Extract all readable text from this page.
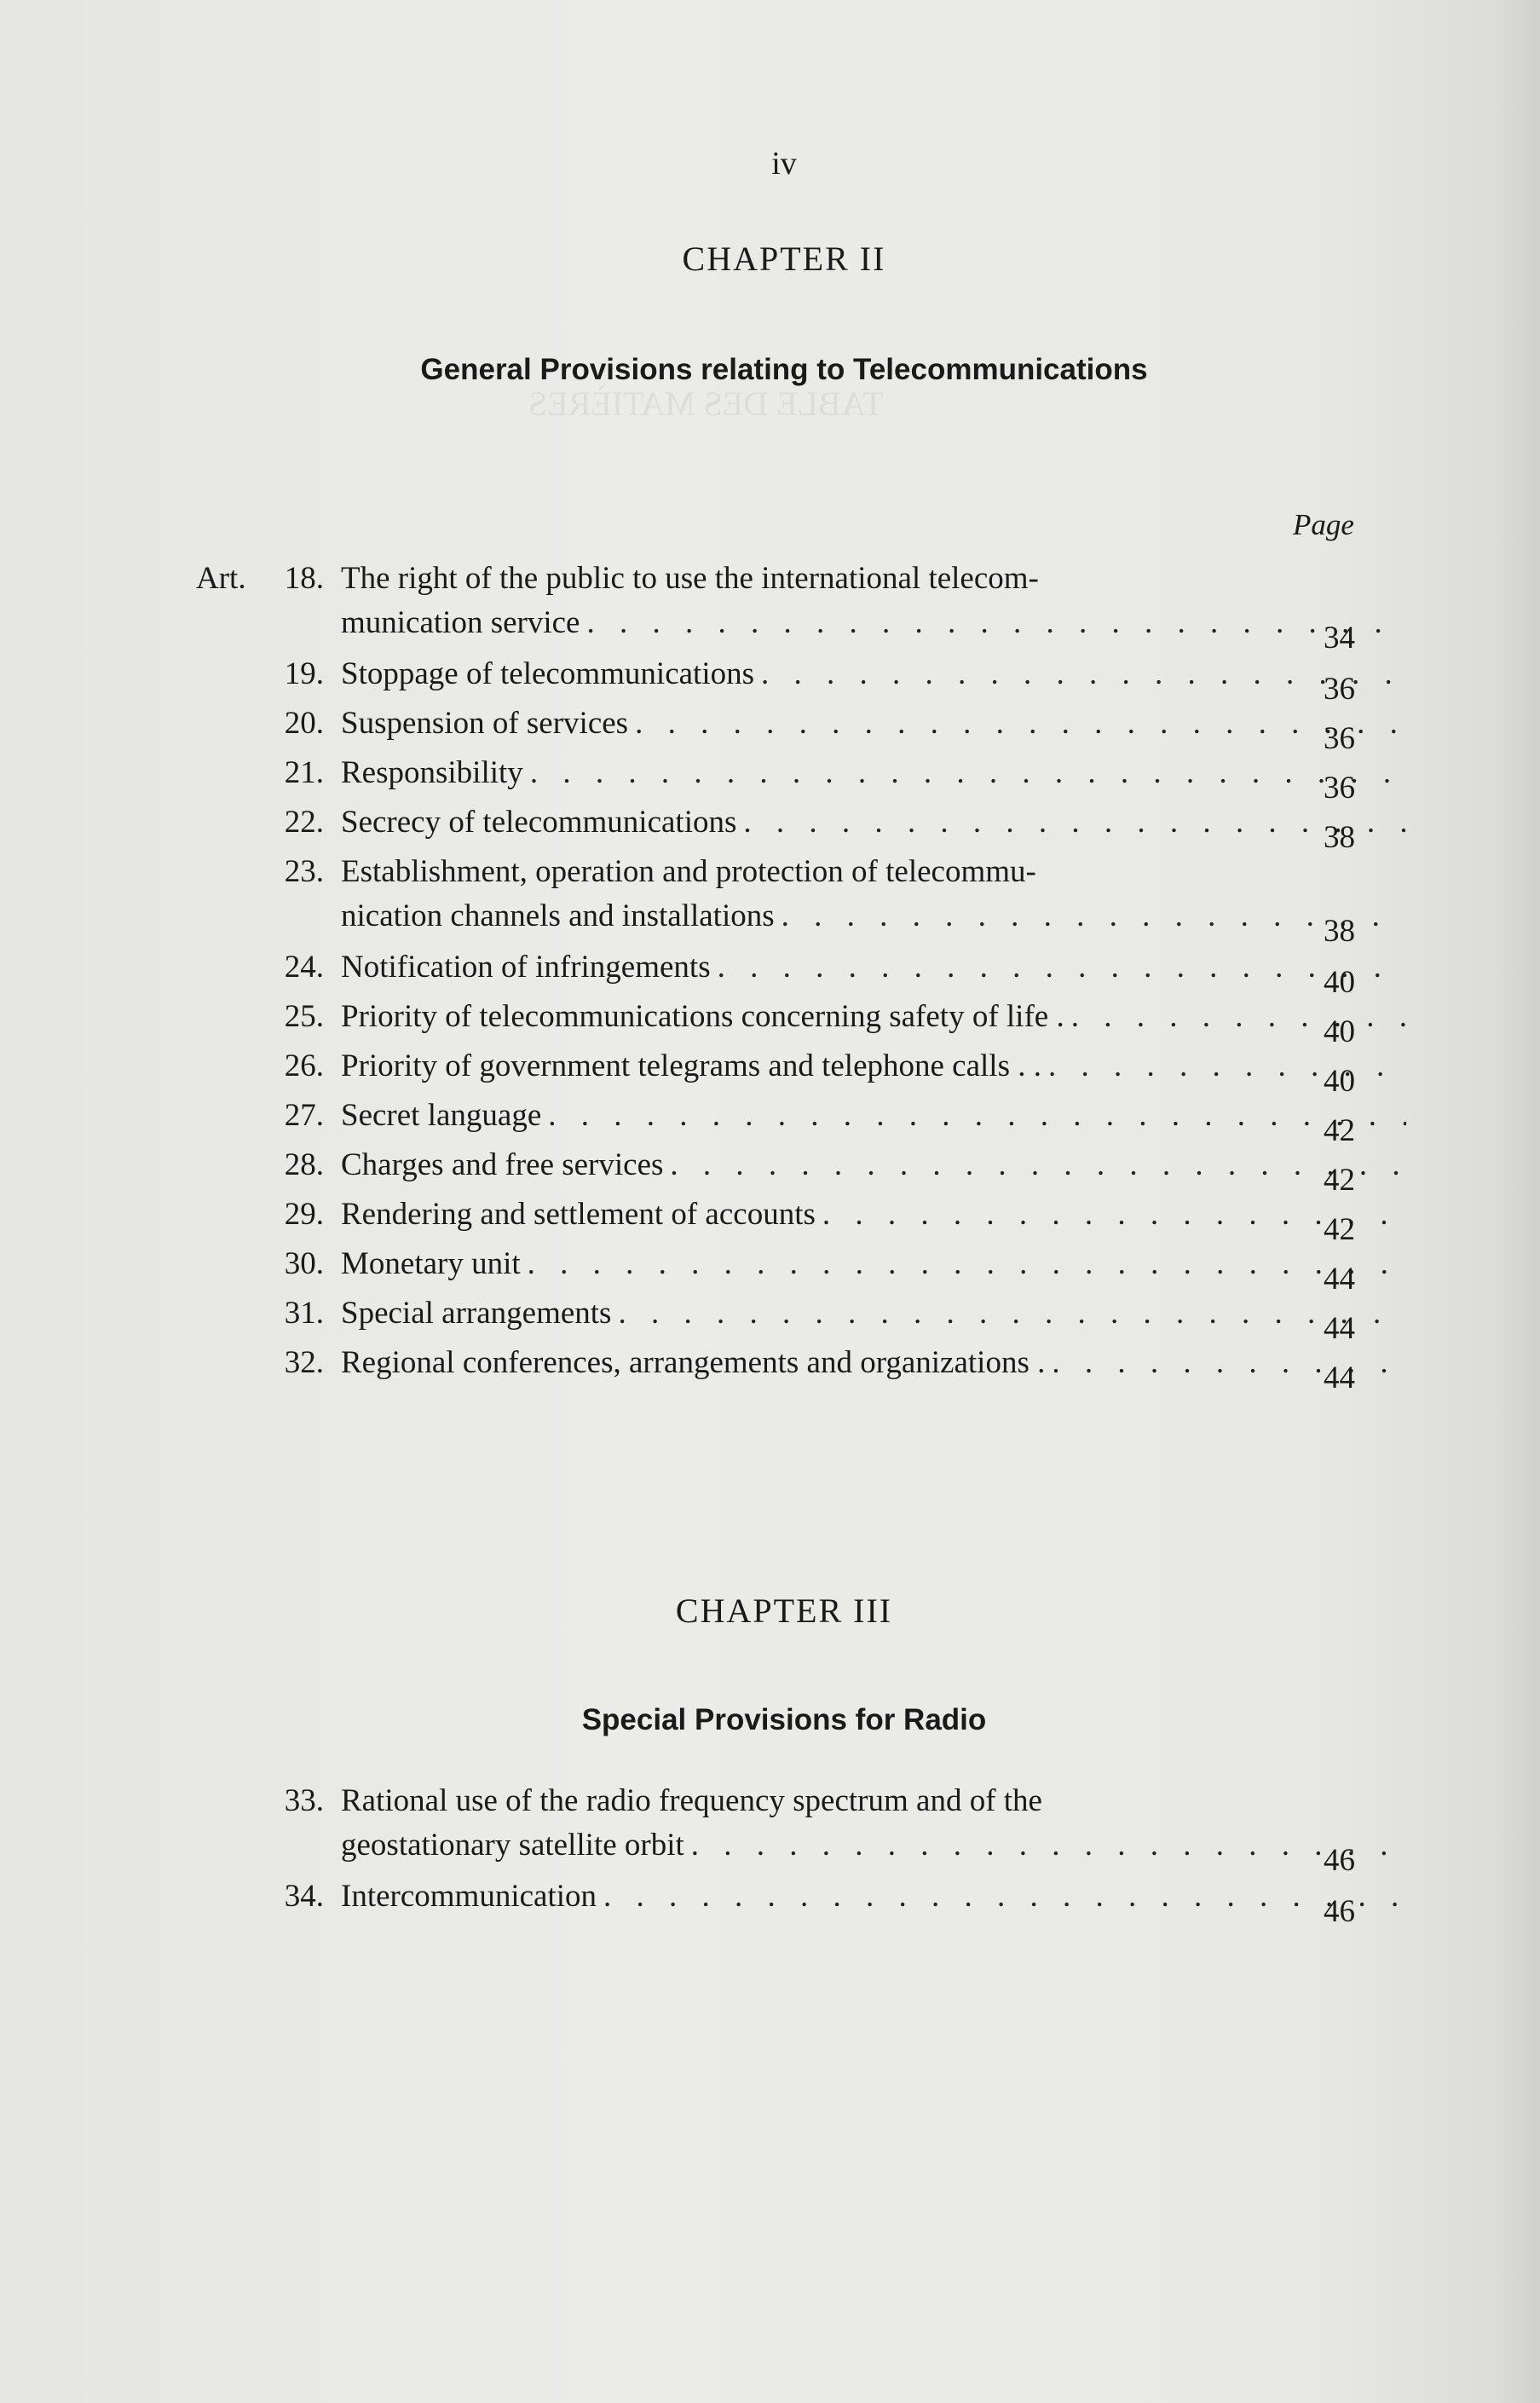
TABLE DES MATIÈRES
iv
CHAPTER II
General Provisions relating to Telecommunications
Page
Art.	18. The right of the public to use the international telecom-
munication service . . .	34
19. Stoppage of telecommunications . . .	36
20. Suspension of services . . .	36
21. Responsibility . . .	36
22. Secrecy of telecommunications . . .	38
23. Establishment, operation and protection of telecommu-
nication channels and installations . . .	38
24. Notification of infringements . . .	40
25. Priority of telecommunications concerning safety of life . . . .	40
26. Priority of government telegrams and telephone calls . . . . .	40
27. Secret language . . .	42
28. Charges and free services . . .	42
29. Rendering and settlement of accounts . . .	42
30. Monetary unit . . .	44
31. Special arrangements . . .	44
32. Regional conferences, arrangements and organizations . . . .	44
CHAPTER III
Special Provisions for Radio
33. Rational use of the radio frequency spectrum and of the
geostationary satellite orbit . . .	46
34. Intercommunication . . .	46
